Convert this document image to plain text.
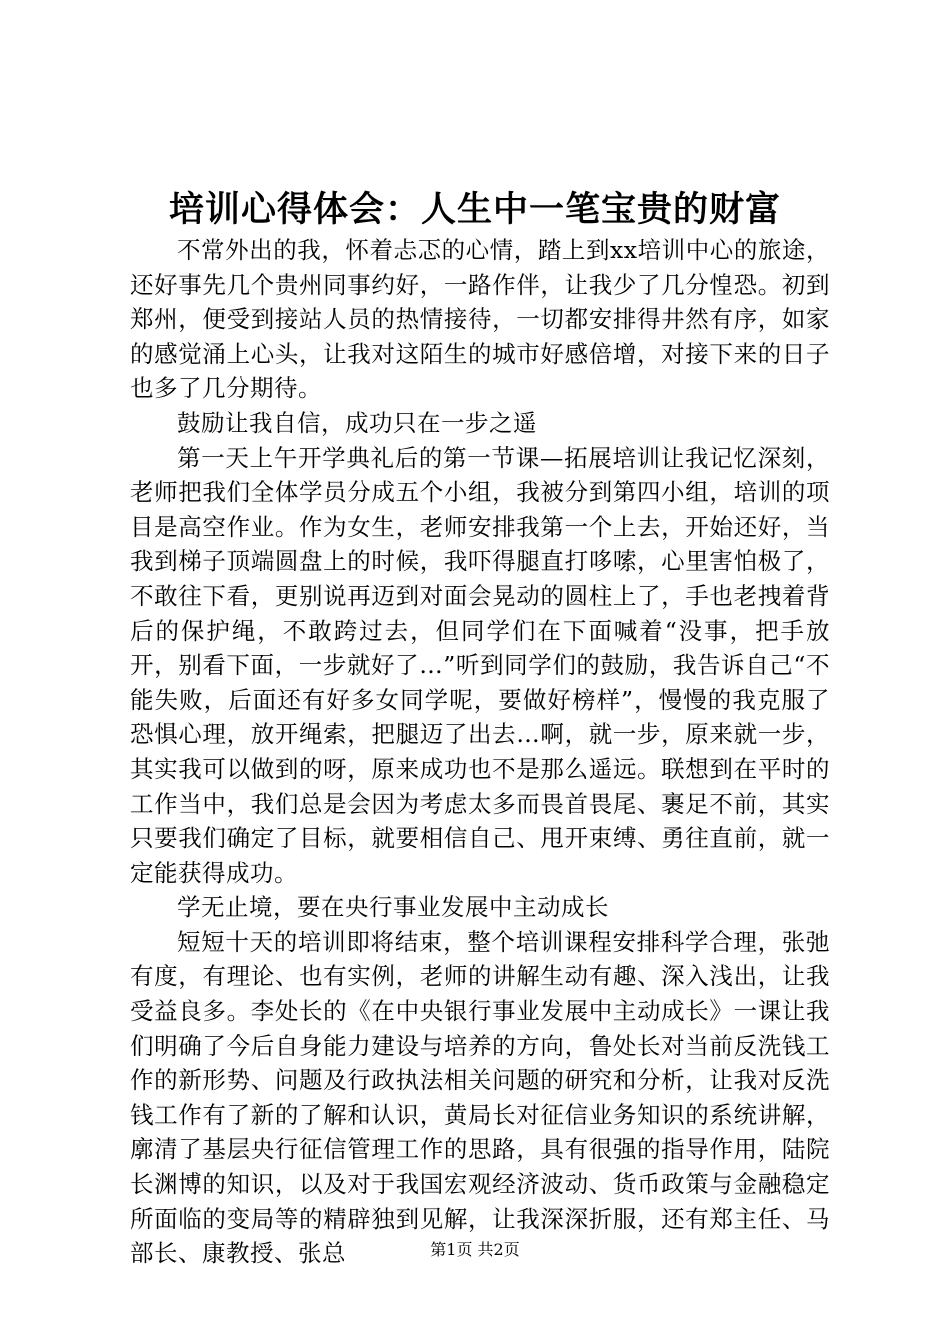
培训心得体会：人生中一笔宝贵的财富

不常外出的我，怀着忐忑的心情，踏上到xx培训中心的旅途，还好事先几个贵州同事约好，一路作伴，让我少了几分惶恐。初到郑州，便受到接站人员的热情接待，一切都安排得井然有序，如家的感觉涌上心头，让我对这陌生的城市好感倍增，对接下来的日子也多了几分期待。

鼓励让我自信，成功只在一步之遥

第一天上午开学典礼后的第一节课—拓展培训让我记忆深刻，老师把我们全体学员分成五个小组，我被分到第四小组，培训的项目是高空作业。作为女生，老师安排我第一个上去，开始还好，当我到梯子顶端圆盘上的时候，我吓得腿直打哆嗦，心里害怕极了，不敢往下看，更别说再迈到对面会晃动的圆柱上了，手也老拽着背后的保护绳，不敢跨过去，但同学们在下面喊着“没事，把手放开，别看下面，一步就好了…”听到同学们的鼓励，我告诉自己“不能失败，后面还有好多女同学呢，要做好榜样”，慢慢的我克服了恐惧心理，放开绳索，把腿迈了出去…啊，就一步，原来就一步，其实我可以做到的呀，原来成功也不是那么遥远。联想到在平时的工作当中，我们总是会因为考虑太多而畏首畏尾、裹足不前，其实只要我们确定了目标，就要相信自己、甩开束缚、勇往直前，就一定能获得成功。

学无止境，要在央行事业发展中主动成长

短短十天的培训即将结束，整个培训课程安排科学合理，张弛有度，有理论、也有实例，老师的讲解生动有趣、深入浅出，让我受益良多。李处长的《在中央银行事业发展中主动成长》一课让我们明确了今后自身能力建设与培养的方向，鲁处长对当前反洗钱工作的新形势、问题及行政执法相关问题的研究和分析，让我对反洗钱工作有了新的了解和认识，黄局长对征信业务知识的系统讲解，廓清了基层央行征信管理工作的思路，具有很强的指导作用，陆院长渊博的知识，以及对于我国宏观经济波动、货币政策与金融稳定所面临的变局等的精辟独到见解，让我深深折服，还有郑主任、马部长、康教授、张总	第1页 共2页
